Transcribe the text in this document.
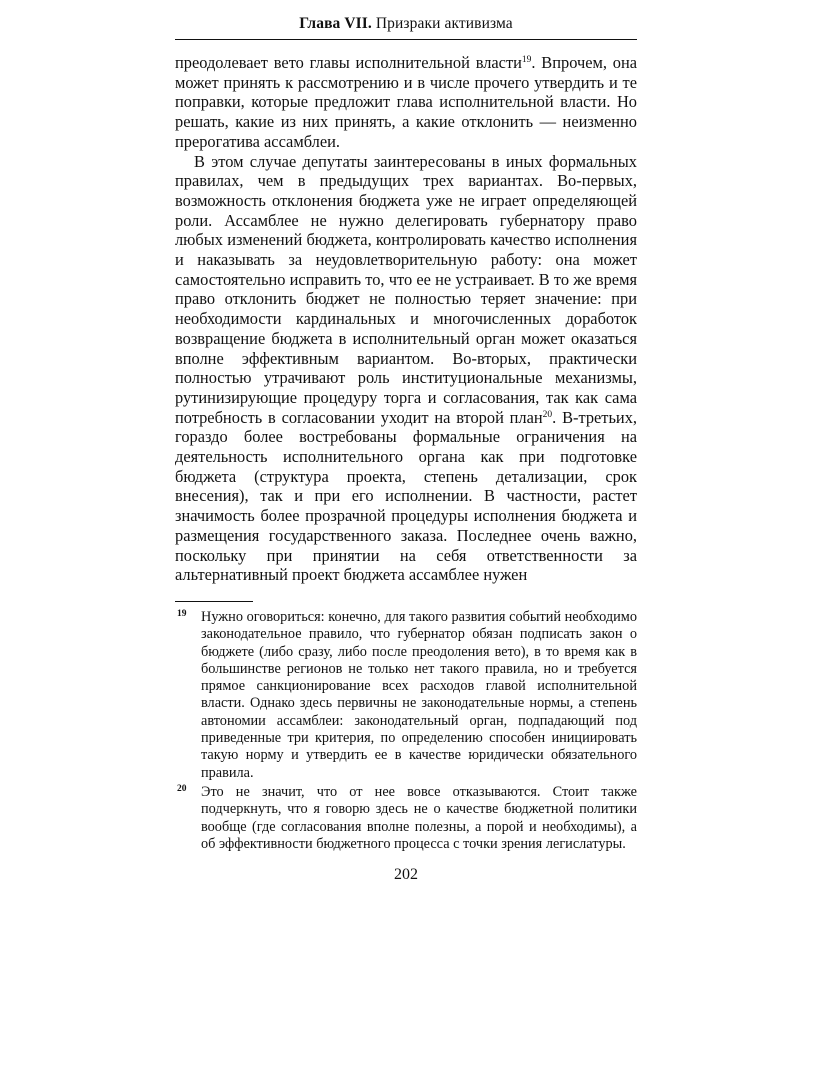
Глава VII. Призраки активизма

преодолевает вето главы исполнительной власти$^{19}$. Впрочем, она может принять к рассмотрению и в числе прочего утвердить и те поправки, которые предложит глава исполнительной власти. Но решать, какие из них принять, а какие отклонить — неизменно прерогатива ассамблеи.

В этом случае депутаты заинтересованы в иных формальных правилах, чем в предыдущих трех вариантах. Во-первых, возможность отклонения бюджета уже не играет определяющей роли. Ассамблее не нужно делегировать губернатору право любых изменений бюджета, контролировать качество исполнения и наказывать за неудовлетворительную работу: она может самостоятельно исправить то, что ее не устраивает. В то же время право отклонить бюджет не полностью теряет значение: при необходимости кардинальных и многочисленных доработок возвращение бюджета в исполнительный орган может оказаться вполне эффективным вариантом. Во-вторых, практически полностью утрачивают роль институциональные механизмы, рутинизирующие процедуру торга и согласования, так как сама потребность в согласовании уходит на второй план$^{20}$. В-третьих, гораздо более востребованы формальные ограничения на деятельность исполнительного органа как при подготовке бюджета (структура проекта, степень детализации, срок внесения), так и при его исполнении. В частности, растет значимость более прозрачной процедуры исполнения бюджета и размещения государственного заказа. Последнее очень важно, поскольку при принятии на себя ответственности за альтернативный проект бюджета ассамблее нужен

19 Нужно оговориться: конечно, для такого развития событий необходимо законодательное правило, что губернатор обязан подписать закон о бюджете (либо сразу, либо после преодоления вето), в то время как в большинстве регионов не только нет такого правила, но и требуется прямое санкционирование всех расходов главой исполнительной власти. Однако здесь первичны не законодательные нормы, а степень автономии ассамблеи: законодательный орган, подпадающий под приведенные три критерия, по определению способен инициировать такую норму и утвердить ее в качестве юридически обязательного правила.
20 Это не значит, что от нее вовсе отказываются. Стоит также подчеркнуть, что я говорю здесь не о качестве бюджетной политики вообще (где согласования вполне полезны, а порой и необходимы), а об эффективности бюджетного процесса с точки зрения легислатуры.
202
